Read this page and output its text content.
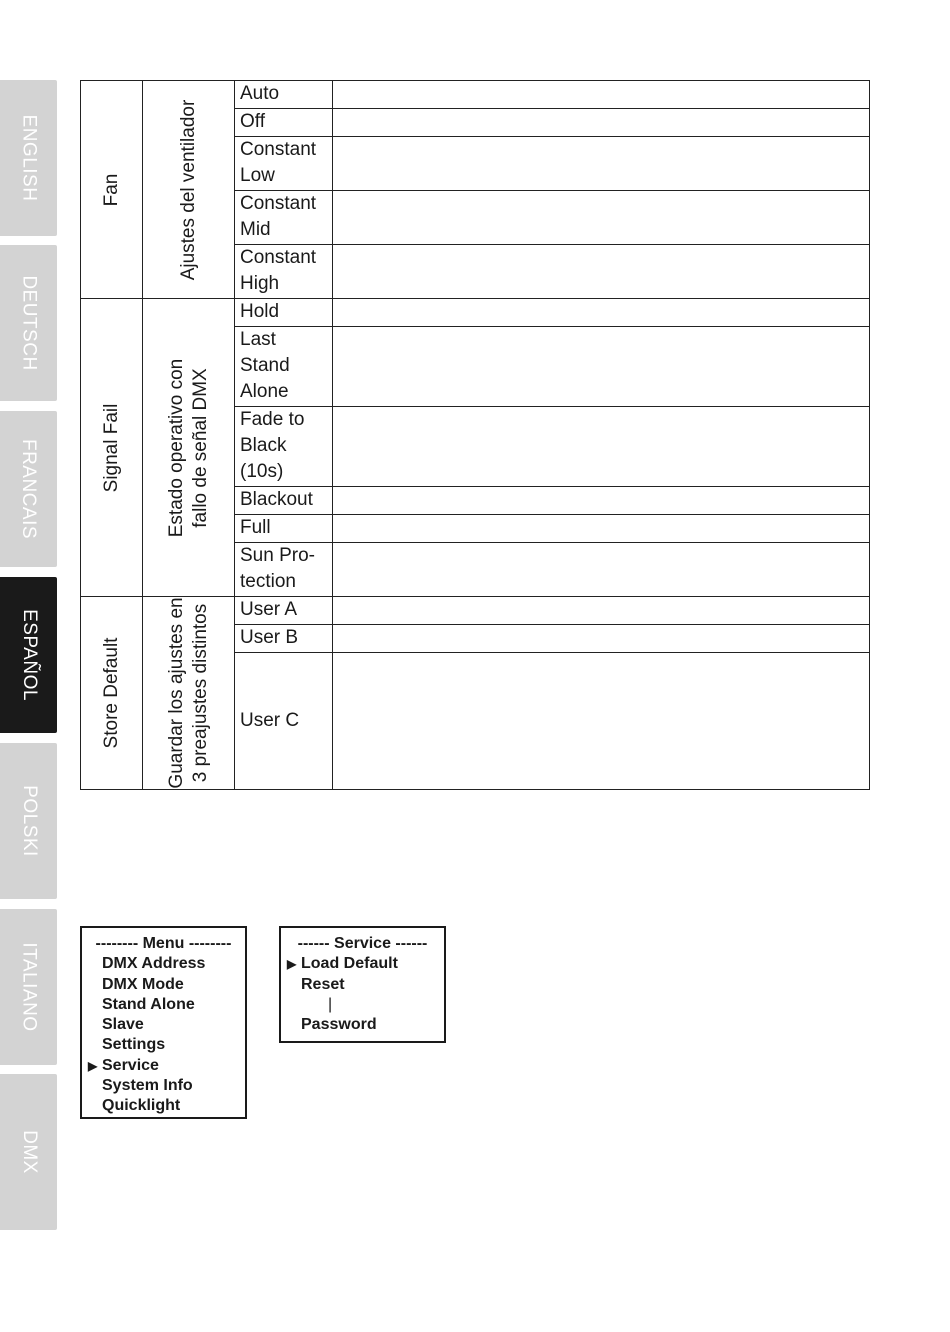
ENGLISH
DEUTSCH
FRANCAIS
ESPAÑOL
POLSKI
ITALIANO
DMX
Fan	Ajustes del ventilador	Auto	

		Off	

		Constant
Low	

		Constant
Mid	

		Constant
High	

Signal Fail	Estado operativo con fallo de señal DMX	Hold	

		Last
Stand
Alone	

		Fade to
Black
(10s)	

		Blackout	

		Full	

		Sun Pro-
tection	

Store Default	Guardar los ajustes en 3 preajustes distintos	User A	

		User B	

		User C	

-------- Menu --------
DMX Address
DMX Mode
Stand Alone
Slave
Settings
▶ Service
System Info
Quicklight
------ Service ------
▶ Load Default
Reset
|
Password
